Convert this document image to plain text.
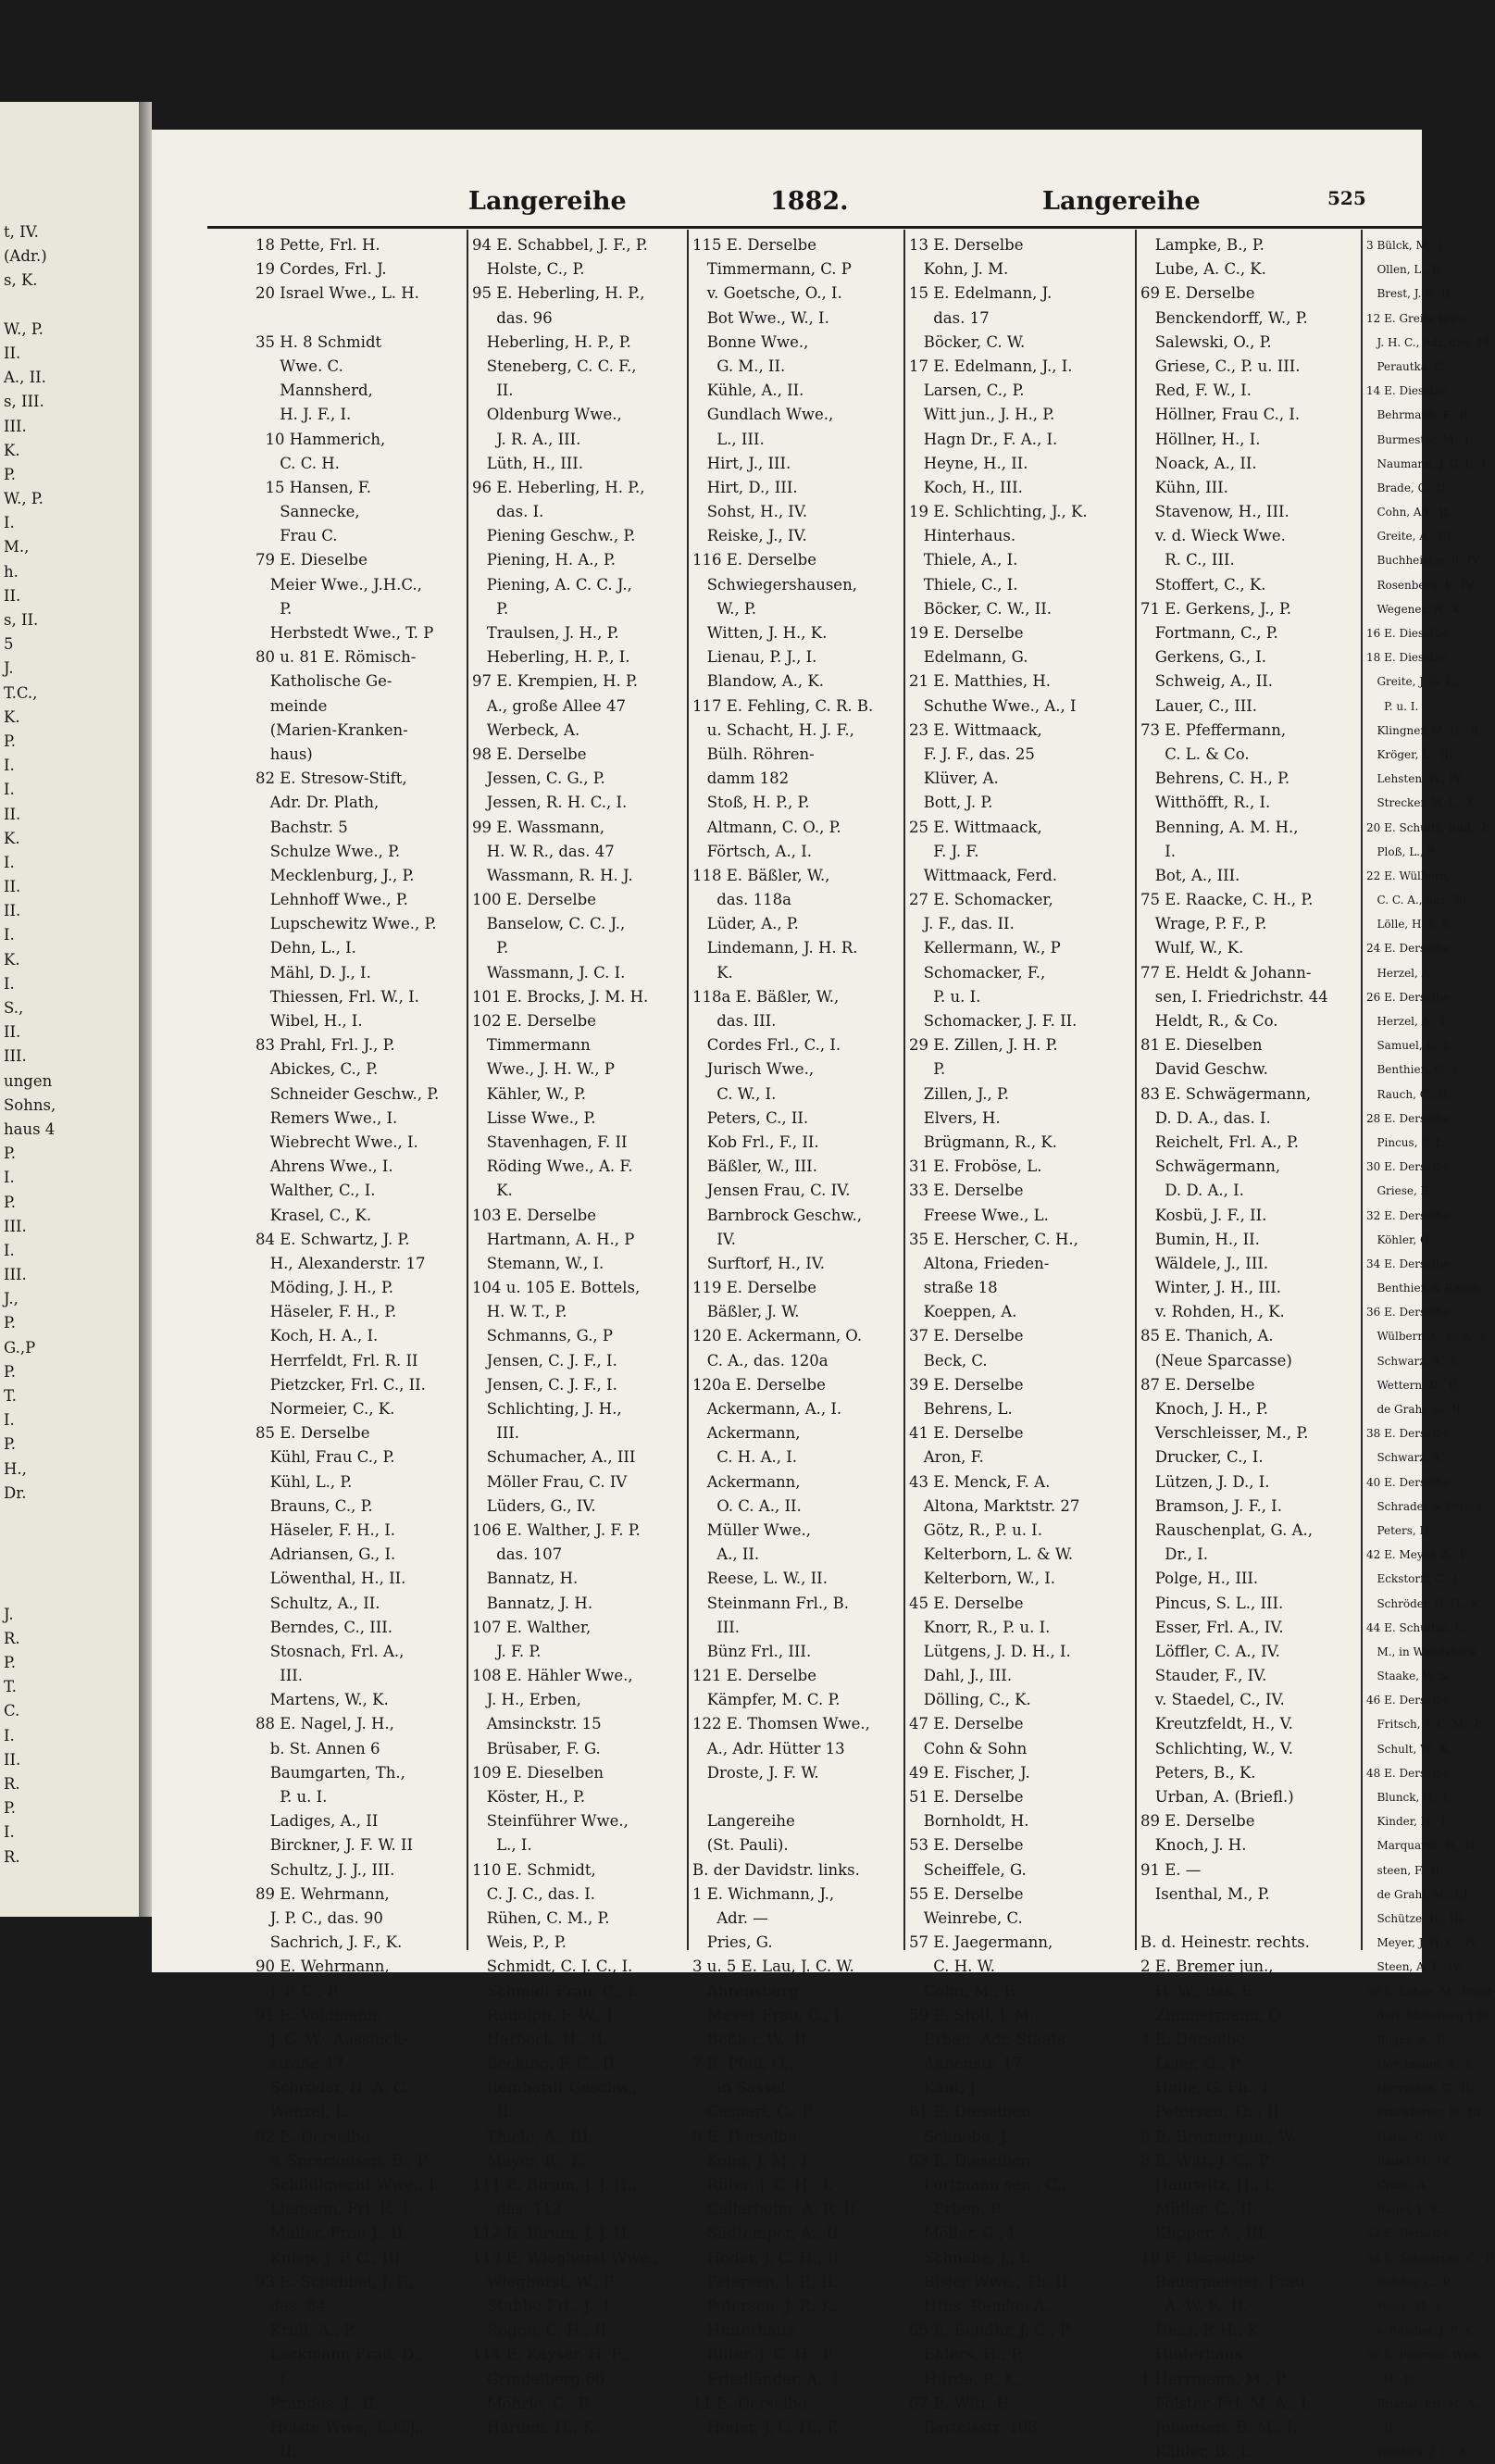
t, IV.
(Adr.)
s, K.
W., P.
II.
A., II.
s, III.
III.
K.
P.
W., P.
I.
M.,
h.
II.
s, II.
5
J.
T.C.,
K.
P.
I.
I.
II.
K.
I.
II.
II.
I.
K.
I.
S.,
II.
III.
ungen
Sohns,
haus 4
P.
I.
P.
III.
I.
III.
J.,
P.
G.,P
P.
T.
I.
P.
H.,
Dr.
J.
R.
P.
T.
C.
I.
II.
R.
P.
I.
R.
Langereihe	1882.	Langereihe	525
18 Pette, Frl. H.
19 Cordes, Frl. J.
20 Israel Wwe., L. H.
35 H. 8 Schmidt
Wwe. C.
Mannsherd,
H. J. F., I.
10 Hammerich,
C. C. H.
15 Hansen, F.
Sannecke,
Frau C.
79 E. Dieselbe
Meier Wwe., J.H.C.,
P.
Herbstedt Wwe., T. P
80 u. 81 E. Römisch-
Katholische Ge-
meinde
(Marien-Kranken-
haus)
82 E. Stresow-Stift,
Adr. Dr. Plath,
Bachstr. 5
Schulze Wwe., P.
Mecklenburg, J., P.
Lehnhoff Wwe., P.
Lupschewitz Wwe., P.
Dehn, L., I.
Mähl, D. J., I.
Thiessen, Frl. W., I.
Wibel, H., I.
83 Prahl, Frl. J., P.
Abickes, C., P.
Schneider Geschw., P.
Remers Wwe., I.
Wiebrecht Wwe., I.
Ahrens Wwe., I.
Walther, C., I.
Krasel, C., K.
84 E. Schwartz, J. P.
H., Alexanderstr. 17
Möding, J. H., P.
Häseler, F. H., P.
Koch, H. A., I.
Herrfeldt, Frl. R. II
Pietzcker, Frl. C., II.
Normeier, C., K.
85 E. Derselbe
Kühl, Frau C., P.
Kühl, L., P.
Brauns, C., P.
Häseler, F. H., I.
Adriansen, G., I.
Löwenthal, H., II.
Schultz, A., II.
Berndes, C., III.
Stosnach, Frl. A.,
III.
Martens, W., K.
88 E. Nagel, J. H.,
b. St. Annen 6
Baumgarten, Th.,
P. u. I.
Ladiges, A., II
Birckner, J. F. W. II
Schultz, J. J., III.
89 E. Wehrmann,
J. P. C., das. 90
Sachrich, J. F., K.
90 E. Wehrmann,
J. P. C., P.
91 E. Voldmann,
J. C. W., Aussinck-
straße 47
Schröder, H. A. C.
Wenzel, L.
92 E. Derselbe
v. Spreckelsen, B., P.
Schildknecht Wwe., I.
Liemann, Frl. F., I.
Müller, Frau J., II.
Kniep, J. P. C., III.
93 E. Schabbel, J. F.,
das. 94
Krull, A., P.
Lackmann Frau, D.,
I.
Prandes, J., II.
Holste Wwe., C.C.J.,
II.
94 E. Schabbel, J. F., P.
Holste, C., P.
95 E. Heberling, H. P.,
das. 96
Heberling, H. P., P.
Steneberg, C. C. F.,
II.
Oldenburg Wwe.,
J. R. A., III.
Lüth, H., III.
96 E. Heberling, H. P.,
das. I.
Piening Geschw., P.
Piening, H. A., P.
Piening, A. C. C. J.,
P.
Traulsen, J. H., P.
Heberling, H. P., I.
97 E. Krempien, H. P.
A., große Allee 47
Werbeck, A.
98 E. Derselbe
Jessen, C. G., P.
Jessen, R. H. C., I.
99 E. Wassmann,
H. W. R., das. 47
Wassmann, R. H. J.
100 E. Derselbe
Banselow, C. C. J.,
P.
Wassmann, J. C. I.
101 E. Brocks, J. M. H.
102 E. Derselbe
Timmermann
Wwe., J. H. W., P
Kähler, W., P.
Lisse Wwe., P.
Stavenhagen, F. II
Röding Wwe., A. F.
K.
103 E. Derselbe
Hartmann, A. H., P
Stemann, W., I.
104 u. 105 E. Bottels,
H. W. T., P.
Schmanns, G., P
Jensen, C. J. F., I.
Jensen, C. J. F., I.
Schlichting, J. H.,
III.
Schumacher, A., III
Möller Frau, C. IV
Lüders, G., IV.
106 E. Walther, J. F. P.
das. 107
Bannatz, H.
Bannatz, J. H.
107 E. Walther,
J. F. P.
108 E. Hähler Wwe.,
J. H., Erben,
Amsinckstr. 15
Brüsaber, F. G.
109 E. Dieselben
Köster, H., P.
Steinführer Wwe.,
L., I.
110 E. Schmidt,
C. J. C., das. I.
Rühen, C. M., P.
Weis, P., P.
Schmidt, C. J. C., I.
Schmidt Frau, C., I.
Rudolph, F. W., I
Harbeck, H., II.
Becking, F. C., II.
Reinhardt Geschw.,
II.
Thiele, A., III.
Mayer, R., K.
111 E. Birum, J. J. H.,
das. 112
112 E. Birum, J. J. H.
113 E. Wieghorst Wwe.,
Wieghorst, W., P
Stubbe Frl., J., I
Rogge, C. H., II.
114 E. Kayser, H. F.,
Grindelberg 60
Möhrle, C., P.
Harden, H., K.
115 E. Derselbe
Timmermann, C. P
v. Goetsche, O., I.
Bot Wwe., W., I.
Bonne Wwe.,
G. M., II.
Kühle, A., II.
Gundlach Wwe.,
L., III.
Hirt, J., III.
Hirt, D., III.
Sohst, H., IV.
Reiske, J., IV.
116 E. Derselbe
Schwiegershausen,
W., P.
Witten, J. H., K.
Lienau, P. J., I.
Blandow, A., K.
117 E. Fehling, C. R. B.
u. Schacht, H. J. F.,
Bülh. Röhren-
damm 182
Stoß, H. P., P.
Altmann, C. O., P.
Förtsch, A., I.
118 E. Bäßler, W.,
das. 118a
Lüder, A., P.
Lindemann, J. H. R.
K.
118a E. Bäßler, W.,
das. III.
Cordes Frl., C., I.
Jurisch Wwe.,
C. W., I.
Peters, C., II.
Kob Frl., F., II.
Bäßler, W., III.
Jensen Frau, C. IV.
Barnbrock Geschw.,
IV.
Surftorf, H., IV.
119 E. Derselbe
Bäßler, J. W.
120 E. Ackermann, O.
C. A., das. 120a
120a E. Derselbe
Ackermann, A., I.
Ackermann,
C. H. A., I.
Ackermann,
O. C. A., II.
Müller Wwe.,
A., II.
Reese, L. W., II.
Steinmann Frl., B.
III.
Bünz Frl., III.
121 E. Derselbe
Kämpfer, M. C. P.
122 E. Thomsen Wwe.,
A., Adr. Hütter 13
Droste, J. F. W.
Langereihe
(St. Pauli).
B. der Davidstr. links.
1 E. Wichmann, J.,
Adr. —
Pries, G.
3 u. 5 E. Lau, J. C. W.
Ahrensburg
Meyer Frau, C., I.
Beßler, W., II.
7 E. Pfeil, G.,
in Sassel
Caspari, C., P.
9 E. Derselbe
Kohn, J. M., I.
Rüter, J. C. H., I.
Callerholm, A. R. II
Südtemper, A., II.
Hoder, J. C. H., II.
Petersen, J. P., II.
Petersen, J. P., K.
Hinterhaus
Rüter, J. C. H., P.
Friedländer, A., I.
11 E. Derselbe
Hoder, J. C. H., P.
13 E. Derselbe
Kohn, J. M.
15 E. Edelmann, J.
das. 17
Böcker, C. W.
17 E. Edelmann, J., I.
Larsen, C., P.
Witt jun., J. H., P.
Hagn Dr., F. A., I.
Heyne, H., II.
Koch, H., III.
19 E. Schlichting, J., K.
Hinterhaus.
Thiele, A., I.
Thiele, C., I.
Böcker, C. W., II.
19 E. Derselbe
Edelmann, G.
21 E. Matthies, H.
Schuthe Wwe., A., I
23 E. Wittmaack,
F. J. F., das. 25
Klüver, A.
Bott, J. P.
25 E. Wittmaack,
F. J. F.
Wittmaack, Ferd.
27 E. Schomacker,
J. F., das. II.
Kellermann, W., P
Schomacker, F.,
P. u. I.
Schomacker, J. F. II.
29 E. Zillen, J. H. P.
P.
Zillen, J., P.
Elvers, H.
Brügmann, R., K.
31 E. Froböse, L.
33 E. Derselbe
Freese Wwe., L.
35 E. Herscher, C. H.,
Altona, Frieden-
straße 18
Koeppen, A.
37 E. Derselbe
Beck, C.
39 E. Derselbe
Behrens, L.
41 E. Derselbe
Aron, F.
43 E. Menck, F. A.
Altona, Marktstr. 27
Götz, R., P. u. I.
Kelterborn, L. & W.
Kelterborn, W., I.
45 E. Derselbe
Knorr, R., P. u. I.
Lütgens, J. D. H., I.
Dahl, J., III.
Dölling, C., K.
47 E. Derselbe
Cohn & Sohn
49 E. Fischer, J.
51 E. Derselbe
Bornholdt, H.
53 E. Derselbe
Scheiffele, G.
55 E. Derselbe
Weinrebe, C.
57 E. Jaegermann,
C. H. W.
Cohn, M., P.
59 E. Stoll, J. M.,
Erben, Adr. Staats,
Annenstr. 17
Kant, J.
61 E. Dieselben
Schnebe, J.
63 E. Dieselben
Fortmann sen., C.,
Erben, P.
Möller, C., I.
Schnebe, J., I.
Bisler Wwe., Th. II.
Hths. Ramke, A.
65 E. Bendhr, J. C., P.
Ehlers, H., P.
Hürde, P., K.
67 E. Witt, H.
Bartelsstr. 108
Lampke, B., P.
Lube, A. C., K.
69 E. Derselbe
Benckendorff, W., P.
Salewski, O., P.
Griese, C., P. u. III.
Red, F. W., I.
Höllner, Frau C., I.
Höllner, H., I.
Noack, A., II.
Kühn, III.
Stavenow, H., III.
v. d. Wieck Wwe.
R. C., III.
Stoffert, C., K.
71 E. Gerkens, J., P.
Fortmann, C., P.
Gerkens, G., I.
Schweig, A., II.
Lauer, C., III.
73 E. Pfeffermann,
C. L. & Co.
Behrens, C. H., P.
Witthöfft, R., I.
Benning, A. M. H.,
I.
Bot, A., III.
75 E. Raacke, C. H., P.
Wrage, P. F., P.
Wulf, W., K.
77 E. Heldt & Johann-
sen, I. Friedrichstr. 44
Heldt, R., & Co.
81 E. Dieselben
David Geschw.
83 E. Schwägermann,
D. D. A., das. I.
Reichelt, Frl. A., P.
Schwägermann,
D. D. A., I.
Kosbü, J. F., II.
Bumin, H., II.
Wäldele, J., III.
Winter, J. H., III.
v. Rohden, H., K.
85 E. Thanich, A.
(Neue Sparcasse)
87 E. Derselbe
Knoch, J. H., P.
Verschleisser, M., P.
Drucker, C., I.
Lützen, J. D., I.
Bramson, J. F., I.
Rauschenplat, G. A.,
Dr., I.
Polge, H., III.
Pincus, S. L., III.
Esser, Frl. A., IV.
Löffler, C. A., IV.
Stauder, F., IV.
v. Staedel, C., IV.
Kreutzfeldt, H., V.
Schlichting, W., V.
Peters, B., K.
Urban, A. (Briefl.)
89 E. Derselbe
Knoch, J. H.
91 E. —
Isenthal, M., P.
B. d. Heinestr. rechts.
2 E. Bremer jun.,
H. W., das. 6
Zimmermann, O.
4 E. Derselbe
Leier, G., P.
Holle, G. Ph., I.
Petersen, Th., II.
6 E. Bremer jun., W.
8 E. Witt, J. C., P.
Haurwitz, H., I.
Müller, C., II.
Klipper, A., III.
10 E. Derselbe
Bauermeister, Frau
A. W. F., II.
Hess, P. H., K.
Hinterhaus
1 Herrmann, M., P
Fölster, Frl. M. A., I.
Johansen, B. M., I.
Kähler, B., I.
3 Bülck, M., I.
Ollen, L., II.
Brest, J. F., II.
12 E. Greite Wwe.,
J. H. C., Adr. das. 18
Perautka, C.
14 E. Dieselbe
Behrmann, F., P.
Burmester, M., I.
Naumann, J. C. F., I
Brade, C., II.
Cohn, Ad., II.
Greite, A., III.
Buchheister, F., IV.
Rosenberg, F., IV.
Wegener, W., K.
16 E. Dieselbe
18 E. Dieselbe
Greite, J. G. L.,
P. u. I.
Klingner, M. H., II.
Kröger, L., III.
Lehsten, W., IV.
Strecker, W. L., K.
20 E. Schultz, Rud., P.
Ploß, L., P.
22 E. Wülbern,
C. C. A., das. 38
Lölle, H. F. S.
24 E. Derselbe
Herzel, A.
26 E. Derselbe
Herzel, A., I.
Samuel, L., I.
Benthien, C., I.
Rauch, C., II.
28 E. Derselbe
Pincus, S. L.
30 E. Derselbe
Griese, F.
32 E. Derselbe
Köhler, G.
34 E. Derselbe
Benthien & Rauch
36 E. Derselbe
Wülbern, C. C. A., I.
Schwarz, A., I.
Wettern, D., II.
de Grahl, G., II.
38 E. Derselbe
Schwarz, A.
40 E. Derselbe
Schrader & Peters
Peters, H.
42 E. Meyer, A., P.
Eckstorff, C., I.
Schröder, D. H., K.
44 E. Schultze, C.
M., in Wandsbeck
Staake, W. S.
46 E. Derselbe
Fritsch, T. C. M., P.
Schult, W., K.
48 E. Derselbe
Blunck, H., I.
Kinder, H., I.
Marquardt, H., II.
steen, F., II.
de Grahl, M., III.
Schütze, H., III.
Meyer, J. H. C., IV.
Steen, A. F., IV.
50 E. Lohse, M., Pösel-
dorf, Mittelweg 138
Boges, A., P.
Horstmann, A., I.
Herrmann, C., II.
Frankfurter, R., III.
Hatje, C., IV.
Rädel, H., IV.
Cruse, A.
Ragel, J., K.
52 E. Derselbe
54 E. Schwartau, C., P.
Rehder, C., P.
Wake, M., I.
v. Rohden, J. P., K.
56 E. Petersen Wwe.,
H., P.
Friebel, Frl. M. A.,
II.
Wohlers, J. C., K.
